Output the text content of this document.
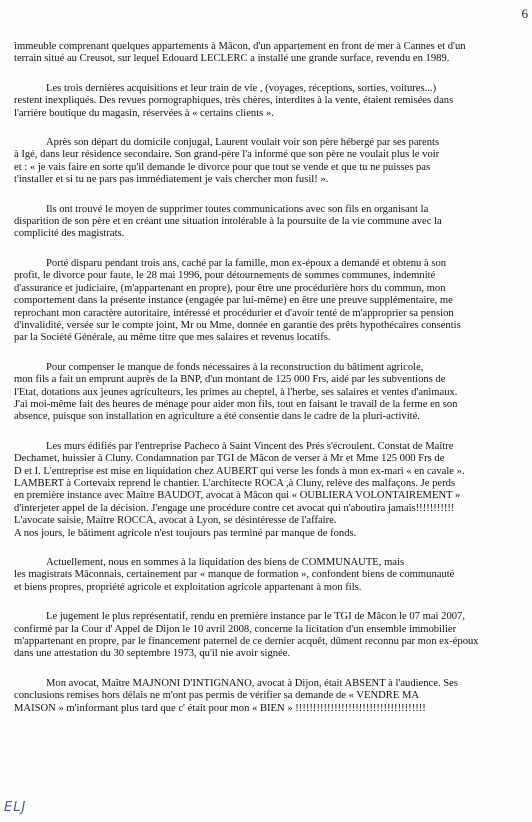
6
immeuble comprenant quelques appartements à Mâcon, d'un appartement en front de mer à Cannes et d'un
terrain situé au Creusot, sur lequel Edouard LECLERC a installé une grande surface, revendu en 1989.
Les trois dernières acquisitions et leur train de vie , (voyages, réceptions, sorties, voitures...)
restent inexpliqués. Des revues pornographiques, très chères, interdites à la vente, étaient remisées dans
l'arrière boutique du magasin, réservées à « certains clients ».
Après son départ du domicile conjugal, Laurent voulait voir son père hébergé par ses parents
à Igé, dans leur résidence secondaire. Son grand-père l'a informé que son père ne voulait plus le voir
et : « je vais faire en sorte qu'il demande le divorce pour que tout se vende et que tu ne puisses pas
t'installer et si tu ne pars pas immédiatement je vais chercher mon fusil! ».
Ils ont trouvé le moyen de supprimer toutes communications avec son fils en organisant la
disparition de son père et en créant une situation intolérable à la poursuite de la vie commune avec la
complicité des magistrats.
Porté disparu pendant trois ans, caché par la famille, mon ex-époux a demandé et obtenu à son
profit, le divorce pour faute, le 28 mai 1996, pour détournements de sommes communes, indemnité
d'assurance et judiciaire, (m'appartenant en propre), pour être une procédurière hors du commun, mon
comportement dans la présente instance (engagée par lui-même) en être une preuve supplémentaire, me
reprochant mon caractère autoritaire, intéressé et procédurier et d'avoir tenté de m'approprier sa pension
d'invalidité, versée sur le compte joint, Mr ou Mme, donnée en garantie des prêts hypothécaires consentis
par la Société Générale, au même titre que mes salaires et revenus locatifs.
Pour compenser le manque de fonds nécessaires à la reconstruction du bâtiment agricole,
mon fils a fait un emprunt auprès de la BNP, d'un montant de 125 000 Frs, aidé par les subventions de
l'Etat, dotations aux jeunes agriculteurs, les primes au cheptel, à l'herbe, ses salaires et ventes d'animaux.
J'ai moi-même fait des heures de ménage pour aider mon fils, tout en faisant le travail de la ferme en son
absence, puisque son installation en agriculture a été consentie dans le cadre de la pluri-activité.
Les murs édifiés par l'entreprise Pacheco à Saint Vincent des Prés s'écroulent. Constat de Maître
Dechamet, huissier à Cluny. Condamnation par TGI de Mâcon de verser à Mr et Mme 125 000 Frs de
D et I. L'entreprise est mise en liquidation chez AUBERT qui verse les fonds à mon ex-mari « en cavale ».
LAMBERT à Cortevaix reprend le chantier. L'architecte ROCA ,à Cluny, relève des malfaçons. Je perds
en première instance avec Maître BAUDOT, avocat à Mâcon qui « OUBLIERA VOLONTAIREMENT »
d'interjeter appel de la décision. J'engage une procédure contre cet avocat qui n'aboutira jamais!!!!!!!!!!!
L'avocate saisie, Maître ROCCA, avocat à Lyon, se désintéresse de l'affaire.
A nos jours, le bâtiment agricole n'est toujours pas terminé par manque de fonds.
Actuellement, nous en sommes à la liquidation des biens de COMMUNAUTE, mais
les magistrats Mâconnais, certainement par « manque de formation », confondent biens de communauté
et biens propres, propriété agricole et exploitation agricole appartenant à mon fils.
Le jugement le plus représentatif, rendu en première instance par le TGI de Mâcon le 07 mai 2007,
confirmé par la Cour d' Appel de Dijon le 10 avril 2008, concerne la licitation d'un ensemble immobilier
m'appartenant en propre, par le financement paternel de ce dernier acquêt, dûment reconnu par mon ex-époux
dans une attestation du 30 septembre 1973, qu'il nie avoir signée.
Mon avocat, Maître MAJNONI D'INTIGNANO, avocat à Dijon, était ABSENT à l'audience. Ses
conclusions remises hors délais ne m'ont pas permis de vérifier sa demande de « VENDRE MA
MAISON » m'informant plus tard que c' était pour mon « BIEN » !!!!!!!!!!!!!!!!!!!!!!!!!!!!!!!!!!!!!
ELJ
